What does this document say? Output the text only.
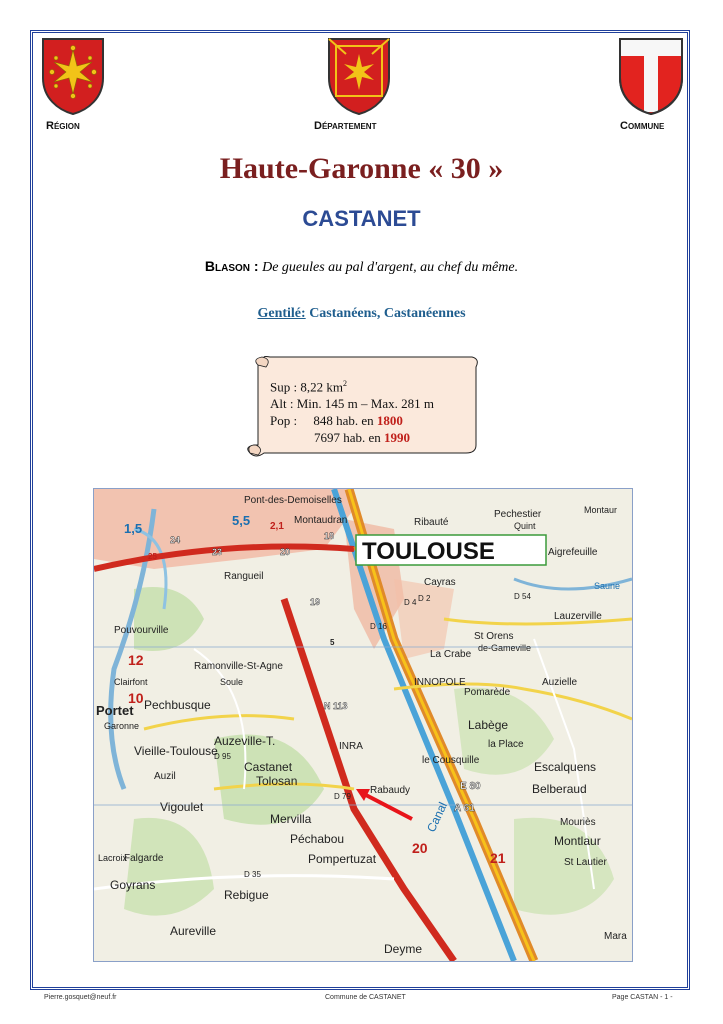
Région	Département	Commune
Haute-Garonne « 30 »
CASTANET
Blason : De gueules au pal d'argent, au chef du même.
Gentilé: Castanéens, Castanéennes
Sup : 8,22 $km^2$
Alt : Min. 145 m – Max. 281 m
Pop : 848 hab. en 1800
7697 hab. en 1990
TOULOUSE
Pont-des-Demoiselles
Montaudran	Ribauté
Pechestier
Aigrefeuille
Rangueil
Cayras
Lauzerville
Pouvourville
St Orens
Ramonville-St-Agne
La Crabe
INNOPOLE	Auzielle
Portet Pechbusque
Pomarède
Labège
Vieille-Toulouse
Auzeville-T.	INRA	la Place
Castanet
Tolosan
le Cousquille	Escalquens
Auzil
Rabaudy	Belberaud
Vigoulet
Mervilla
Péchabou
Mouriès
Pompertuzat
Montlaur
Goyrans
St Lautier
Rebigue
Aureville
Deyme
Mara
Falgarde
Canal
24
23	20
18
19
5,5
1,5
12
10
21
20
E 80
A 61
N 113
D 2	D 54
D 16
D 95
D 79
D 35
D 4
25
2,1
5
Quint
Montaur
de-Gameville
Clairfont	Soule
Lacroix
Garonne
Saune
Pierre.gosquet@neuf.fr	Commune de CASTANET	Page CASTAN - 1 -
